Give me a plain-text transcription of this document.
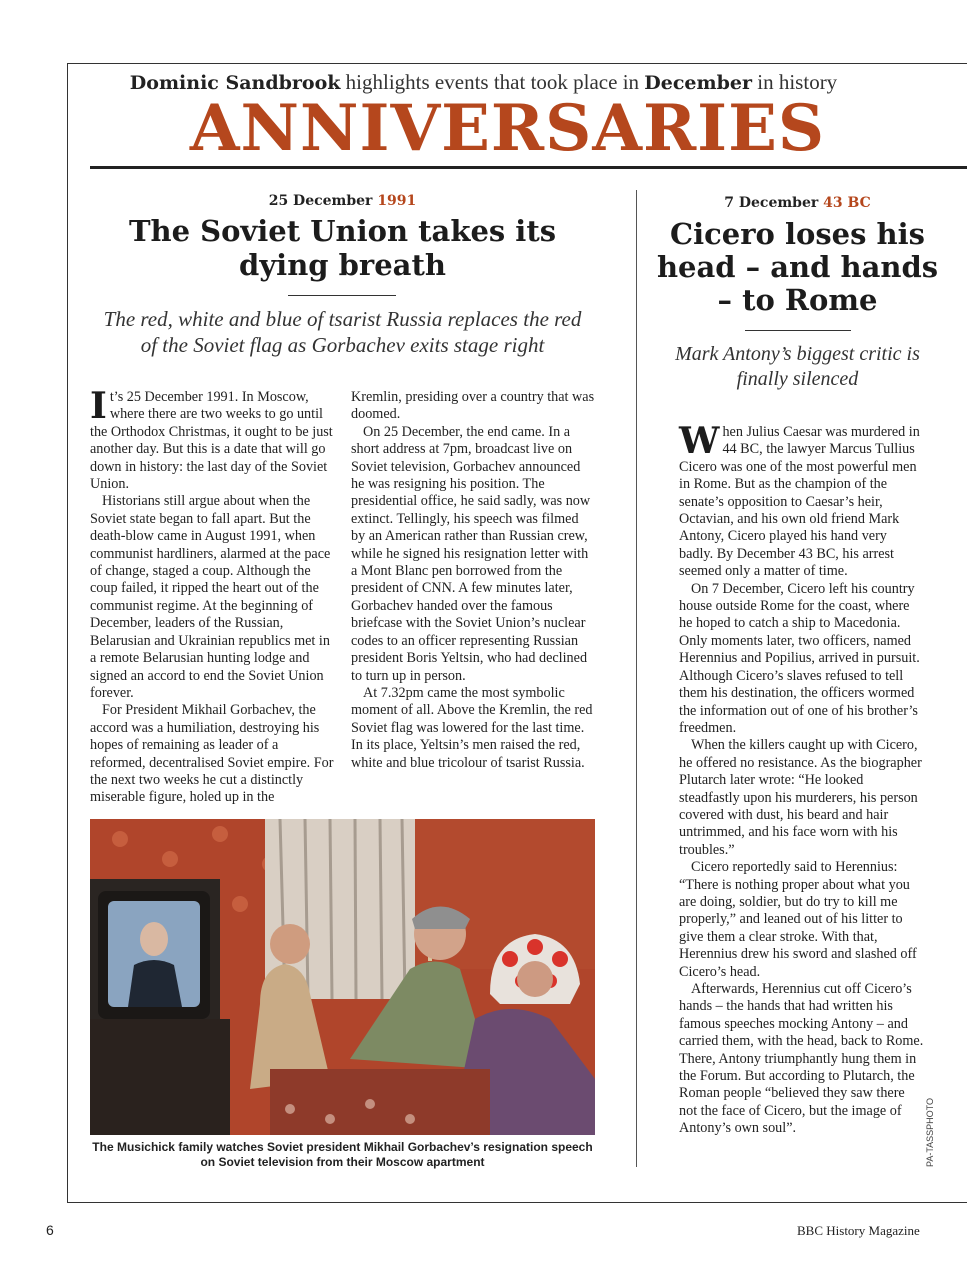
Dominic Sandbrook highlights events that took place in December in history
ANNIVERSARIES
25 December 1991
The Soviet Union takes its dying breath
The red, white and blue of tsarist Russia replaces the red of the Soviet flag as Gorbachev exits stage right

It’s 25 December 1991. In Moscow, where there are two weeks to go until the Orthodox Christmas, it ought to be just another day. But this is a date that will go down in history: the last day of the Soviet Union.

Historians still argue about when the Soviet state began to fall apart. But the death-blow came in August 1991, when communist hardliners, alarmed at the pace of change, staged a coup. Although the coup failed, it ripped the heart out of the communist regime. At the beginning of December, leaders of the Russian, Belarusian and Ukrainian republics met in a remote Belarusian hunting lodge and signed an accord to end the Soviet Union forever.

For President Mikhail Gorbachev, the accord was a humiliation, destroying his hopes of remaining as leader of a reformed, decentralised Soviet empire. For the next two weeks he cut a distinctly miserable figure, holed up in the

Kremlin, presiding over a country that was doomed.

On 25 December, the end came. In a short address at 7pm, broadcast live on Soviet television, Gorbachev announced he was resigning his position. The presidential office, he said sadly, was now extinct. Tellingly, his speech was filmed by an American rather than Russian crew, while he signed his resignation letter with a Mont Blanc pen borrowed from the president of CNN. A few minutes later, Gorbachev handed over the famous briefcase with the Soviet Union’s nuclear codes to an officer representing Russian president Boris Yeltsin, who had declined to turn up in person.

At 7.32pm came the most symbolic moment of all. Above the Kremlin, the red Soviet flag was lowered for the last time. In its place, Yeltsin’s men raised the red, white and blue tricolour of tsarist Russia.

The Musichick family watches Soviet president Mikhail Gorbachev’s resignation speech on Soviet television from their Moscow apartment
7 December 43 BC
Cicero loses his head – and hands – to Rome
Mark Antony’s biggest critic is finally silenced

When Julius Caesar was murdered in 44 BC, the lawyer Marcus Tullius Cicero was one of the most powerful men in Rome. But as the champion of the senate’s opposition to Caesar’s heir, Octavian, and his own old friend Mark Antony, Cicero played his hand very badly. By December 43 BC, his arrest seemed only a matter of time.

On 7 December, Cicero left his country house outside Rome for the coast, where he hoped to catch a ship to Macedonia. Only moments later, two officers, named Herennius and Popilius, arrived in pursuit. Although Cicero’s slaves refused to tell them his destination, the officers wormed the information out of one of his brother’s freedmen.

When the killers caught up with Cicero, he offered no resistance. As the biographer Plutarch later wrote: “He looked steadfastly upon his murderers, his person covered with dust, his beard and hair untrimmed, and his face worn with his troubles.”

Cicero reportedly said to Herennius: “There is nothing proper about what you are doing, soldier, but do try to kill me properly,” and leaned out of his litter to give them a clear stroke. With that, Herennius drew his sword and slashed off Cicero’s head.

Afterwards, Herennius cut off Cicero’s hands – the hands that had written his famous speeches mocking Antony – and carried them, with the head, back to Rome. There, Antony triumphantly hung them in the Forum. But according to Plutarch, the Roman people “believed they saw there not the face of Cicero, but the image of Antony’s own soul”.	PA-TASSPHOTO
6	BBC History Magazine
